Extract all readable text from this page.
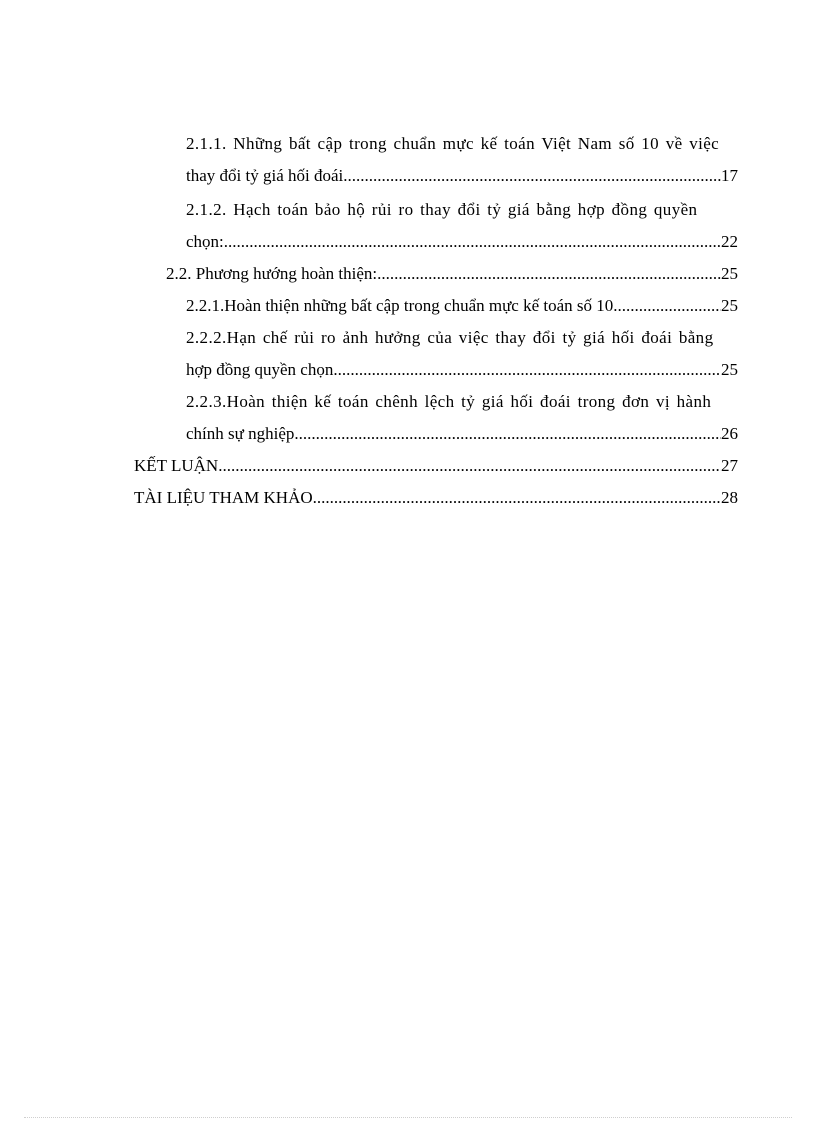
2.1.1. Những bất cập trong chuẩn mực kế toán Việt Nam số 10 về việc
thay đổi tỷ giá hối đoái .....	17
2.1.2. Hạch toán bảo hộ rủi ro thay đổi tỷ giá bằng hợp đồng quyền
chọn: .....	22
2.2. Phương hướng hoàn thiện: .....	25
2.2.1.Hoàn thiện những bất cập trong chuẩn mực kế toán số 10. .....	25
2.2.2.Hạn chế rủi ro ảnh hưởng của việc thay đổi tỷ giá hối đoái bằng
hợp đồng quyền chọn .....	25
2.2.3.Hoàn thiện kế toán chênh lệch tỷ giá hối đoái trong đơn vị hành
chính sự nghiệp. .....	26
KẾT LUẬN .....	27
TÀI LIỆU THAM KHẢO .....	28
